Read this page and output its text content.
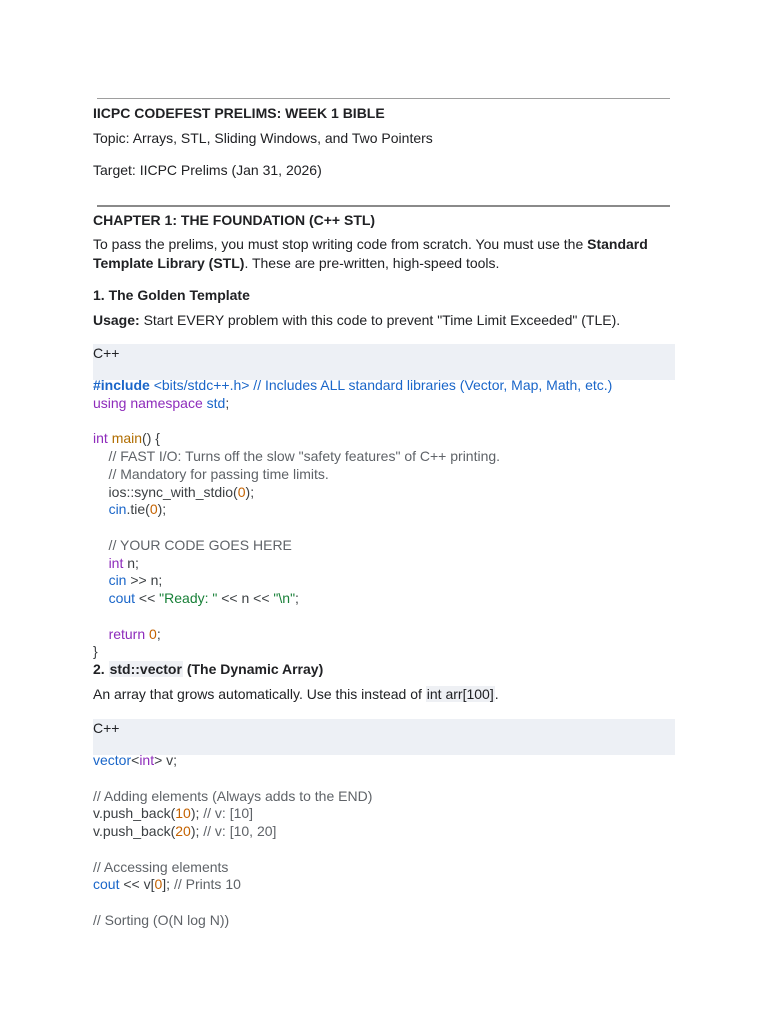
IICPC CODEFEST PRELIMS: WEEK 1 BIBLE
Topic: Arrays, STL, Sliding Windows, and Two Pointers
Target: IICPC Prelims (Jan 31, 2026)
CHAPTER 1: THE FOUNDATION (C++ STL)
To pass the prelims, you must stop writing code from scratch. You must use the Standard Template Library (STL). These are pre-written, high-speed tools.
1. The Golden Template
Usage: Start EVERY problem with this code to prevent "Time Limit Exceeded" (TLE).
C++
#include <bits/stdc++.h> // Includes ALL standard libraries (Vector, Map, Math, etc.)
using namespace std;

int main() {
// FAST I/O: Turns off the slow "safety features" of C++ printing.
// Mandatory for passing time limits.
ios::sync_with_stdio(0);
cin.tie(0);

// YOUR CODE GOES HERE
int n;
cin >> n;
cout << "Ready: " << n << "\n";

return 0;
}
2. std::vector (The Dynamic Array)
An array that grows automatically. Use this instead of int arr[100].
C++
vector<int> v;

// Adding elements (Always adds to the END)
v.push_back(10); // v: [10]
v.push_back(20); // v: [10, 20]

// Accessing elements
cout << v[0]; // Prints 10

// Sorting (O(N log N))
